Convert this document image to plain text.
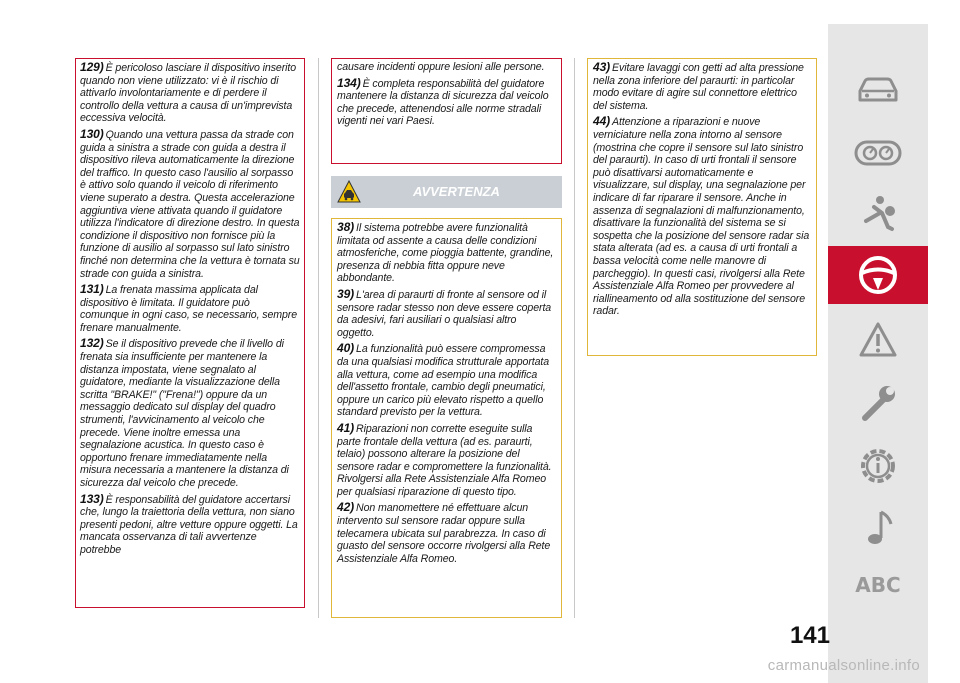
129) È pericoloso lasciare il dispositivo inserito quando non viene utilizzato: vi è il rischio di attivarlo involontariamente e di perdere il controllo della vettura a causa di un'imprevista eccessiva velocità.

130) Quando una vettura passa da strade con guida a sinistra a strade con guida a destra il dispositivo rileva automaticamente la direzione del traffico. In questo caso l'ausilio al sorpasso è attivo solo quando il veicolo di riferimento viene superato a destra. Questa accelerazione aggiuntiva viene attivata quando il guidatore utilizza l'indicatore di direzione destro. In questa condizione il dispositivo non fornisce più la funzione di ausilio al sorpasso sul lato sinistro finché non determina che la vettura è tornata su strade con guida a sinistra.

131) La frenata massima applicata dal dispositivo è limitata. Il guidatore può comunque in ogni caso, se necessario, sempre frenare manualmente.

132) Se il dispositivo prevede che il livello di frenata sia insufficiente per mantenere la distanza impostata, viene segnalato al guidatore, mediante la visualizzazione della scritta "BRAKE!" ("Frena!") oppure da un messaggio dedicato sul display del quadro strumenti, l'avvicinamento al veicolo che precede. Viene inoltre emessa una segnalazione acustica. In questo caso è opportuno frenare immediatamente nella misura necessaria a mantenere la distanza di sicurezza dal veicolo che precede.

133) È responsabilità del guidatore accertarsi che, lungo la traiettoria della vettura, non siano presenti pedoni, altre vetture oppure oggetti. La mancata osservanza di tali avvertenze potrebbe

causare incidenti oppure lesioni alle persone.

134) È completa responsabilità del guidatore mantenere la distanza di sicurezza dal veicolo che precede, attenendosi alle norme stradali vigenti nei vari Paesi.

AVVERTENZA

38) Il sistema potrebbe avere funzionalità limitata od assente a causa delle condizioni atmosferiche, come pioggia battente, grandine, presenza di nebbia fitta oppure neve abbondante.

39) L'area di paraurti di fronte al sensore od il sensore radar stesso non deve essere coperta da adesivi, fari ausiliari o qualsiasi altro oggetto.

40) La funzionalità può essere compromessa da una qualsiasi modifica strutturale apportata alla vettura, come ad esempio una modifica dell'assetto frontale, cambio degli pneumatici, oppure un carico più elevato rispetto a quello standard previsto per la vettura.

41) Riparazioni non corrette eseguite sulla parte frontale della vettura (ad es. paraurti, telaio) possono alterare la posizione del sensore radar e compromettere la funzionalità. Rivolgersi alla Rete Assistenziale Alfa Romeo per qualsiasi riparazione di questo tipo.

42) Non manomettere né effettuare alcun intervento sul sensore radar oppure sulla telecamera ubicata sul parabrezza. In caso di guasto del sensore occorre rivolgersi alla Rete Assistenziale Alfa Romeo.

43) Evitare lavaggi con getti ad alta pressione nella zona inferiore del paraurti: in particolar modo evitare di agire sul connettore elettrico del sistema.

44) Attenzione a riparazioni e nuove verniciature nella zona intorno al sensore (mostrina che copre il sensore sul lato sinistro del paraurti). In caso di urti frontali il sensore può disattivarsi automaticamente e visualizzare, sul display, una segnalazione per indicare di far riparare il sensore. Anche in assenza di segnalazioni di malfunzionamento, disattivare la funzionalità del sistema se si sospetta che la posizione del sensore radar sia stata alterata (ad es. a causa di urti frontali a bassa velocità come nelle manovre di parcheggio). In questi casi, rivolgersi alla Rete Assistenziale Alfa Romeo per provvedere al riallineamento od alla sostituzione del sensore radar.

ABC
141
carmanualsonline.info
